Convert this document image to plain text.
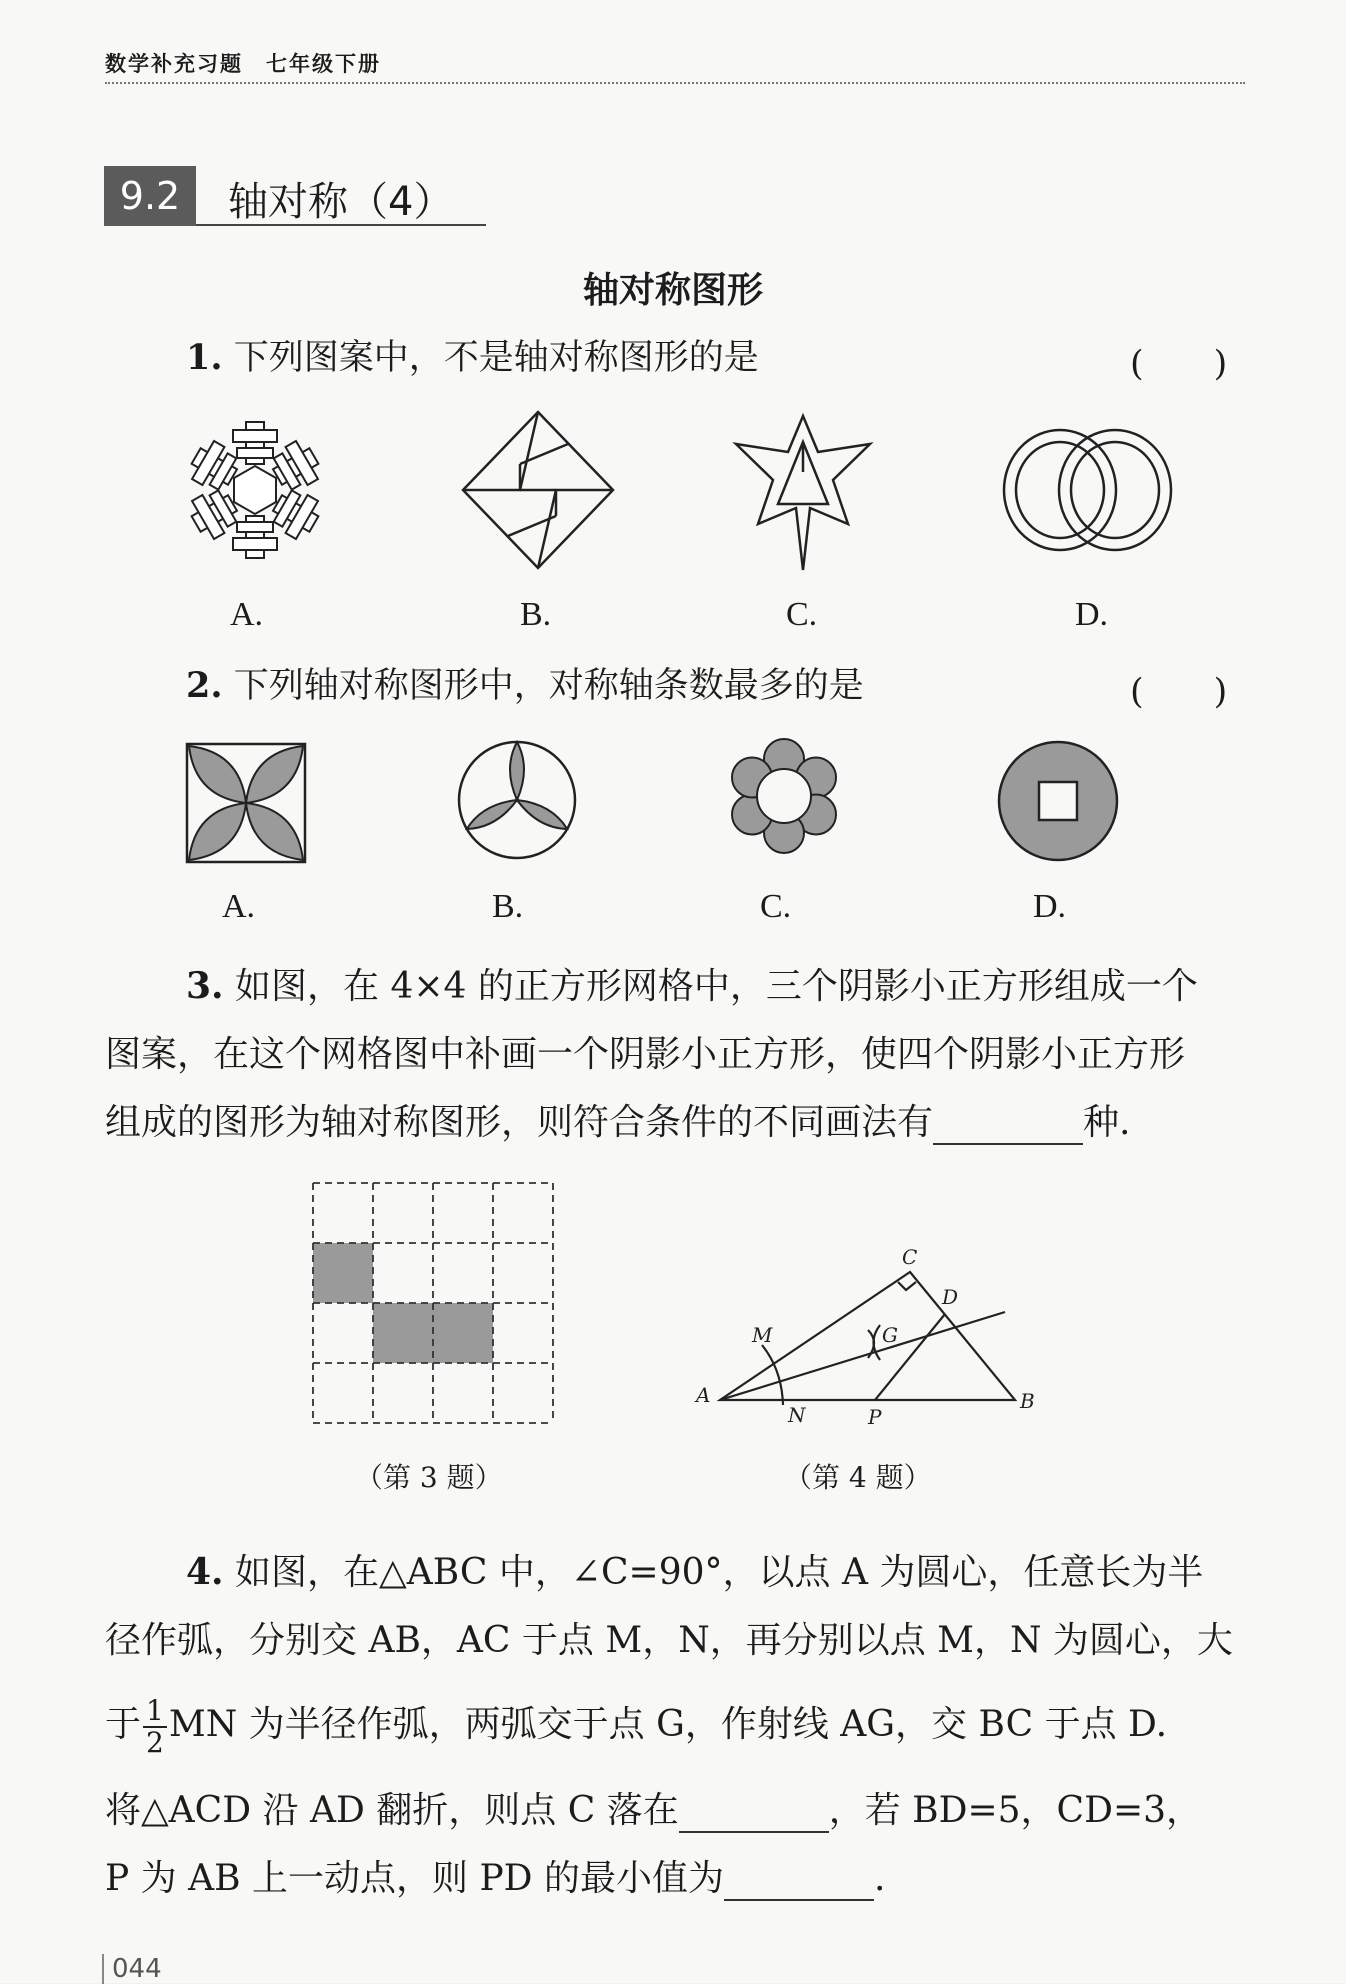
数学补充习题　七年级下册
9.2	轴对称（4）
轴对称图形
1. 下列图案中，不是轴对称图形的是	(　　)
A.	B.	C.	D.
2. 下列轴对称图形中，对称轴条数最多的是	(　　)
A.	B.	C.	D.
3. 如图，在 4×4 的正方形网格中，三个阴影小正方形组成一个
图案，在这个网格图中补画一个阴影小正方形，使四个阴影小正方形
组成的图形为轴对称图形，则符合条件的不同画法有	种.
（第 3 题）
A	B
C
D
M
N
G
P
（第 4 题）
4. 如图，在△ABC 中，∠C=90°，以点 A 为圆心，任意长为半
径作弧，分别交 AB，AC 于点 M，N，再分别以点 M，N 为圆心，大
于 $\frac{1}{2}$ MN 为半径作弧，两弧交于点 G，作射线 AG，交 BC 于点 D.
将△ACD 沿 AD 翻折，则点 C 落在	，若 BD=5，CD=3，
P 为 AB 上一动点，则 PD 的最小值为	.
044
